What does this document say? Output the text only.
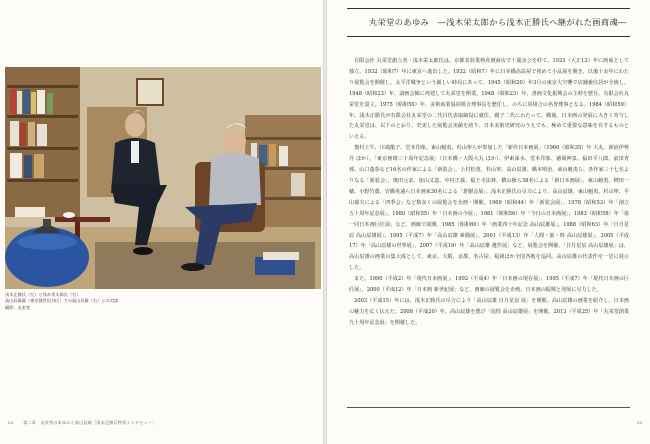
浅木正勝氏（左）と浅木栄太郎氏（右）
高山辰雄邸（東京都世田谷区）での高山辰雄（右）との対談
撮影：丸栄堂
52 第二章　丸栄堂のあゆみと高山辰雄［浅木正勝氏特別インタビュー］
丸栄堂のあゆみ　―浅木栄太郎から浅木正勝氏へ継がれた画商魂―

有限会社 丸栄堂創立者・浅木栄太郎氏は、京都表装業殖産画商店で十歳余公を経て、1923（大正12）年に画商として独立。1932（昭和7）年に東京へ進出した。1932（昭和7）年に日本橋高島屋で初めて小品展を開き、以後十余年にわたり展覧会を開催し、太平洋戦争という厳しい時局にあって、1945（昭和20）年3月の東京大空襲で店舗兼住居が全焼し、1948（昭和23）年、濤画会館に再建して丸栄堂を開業。1948（昭和23）年、書画文化振興会の主幹を歴任。有限会社丸栄堂を設立。1975（昭和50）年、美術商業協同組合理事長を歴任し、のちに同組合の名誉理事となる。1984（昭和59）年、浅木正勝氏が有限会社丸栄堂の二代目代表取締役に就任。親子二代にわたって、戦後、日本画の発展に大きく寄与した丸栄堂は、以下のとおり、史実した展覧会実績を誇り、日本美術史研究のうえでも、極めて重要な意味を有するものといえる。

奥村土牛、川端龍子、堂本印象、東山魁夷、杉山寧らが参加した「新作日本画展」（1960（昭和35）年 大丸、新宿伊勢丹 ほか）、「東京画壇三十周年記念展」（日本橋・大阪大丸 ほか）、伊東深水、堂本印象、徳岡神泉、福田平八郎、前田青邨、山口蓬春など16名の作家による「新装会」、上村松篁、杉山寧、高山辰雄、橋本明治、東山魁夷ら、各作家三十七名よりなる「新装会」、奥田元宋、加山又造、中村正義、福王寺法林、横山操ら38名による「新日本画展」、東山魁夷、稗田一穂、小野竹喬、岩橋英遠ら日本画家30名による「蒼樹会展」、浅木正勝氏の尽力により、高山辰雄、東山魁夷、杉山寧、平山郁夫による「四季会」など数多くの展覧会を企画・開催。1969（昭和44）年「新装会展」、1978（昭和53）年「創立五十周年記念展」、1980（昭和55）年「日本画の今展」、1981（昭和56）年「今日の日本画展」、1983（昭和58）年「第一回日本画巨匠展」など、画廊で展開。1985（昭和60）年「画業四十年記念 高山辰雄展」、1988（昭和63）年「日月星辰 高山辰雄展」、1995（平成7）年「高山辰雄 素描展」、2001（平成13）年「人間・旅・時 高山辰雄展」、2005（平成17）年「高山辰雄の世界展」、2007（平成19）年「高山辰雄 遺作展」など、展覧会を開催。「日月星辰 高山辰雄展」は、高山辰雄の画業の集大成として、東京、大阪、京都、名古屋、福岡ほか全国各地を巡回。高山辰雄の代表作を一堂に展示した。

また、1990（平成2）年「現代日本画展」、1992（平成4）年「日本画の現在展」、1995（平成7）年「現代日本画の巨匠展」、2000（平成12）年「日本画 新世紀展」など、画廊の展覧会を企画。日本画の振興と発展に尽力した。

2003（平成15）年には、浅木正勝氏の尽力により「高山辰雄 日月星辰 展」を開催。高山辰雄の画業を紹介し、日本画の魅力を広く伝えた。2008（平成20）年、高山辰雄を偲び「追悼 高山辰雄展」を開催。2013（平成25）年「丸栄堂創業九十周年記念展」を開催した。

53
